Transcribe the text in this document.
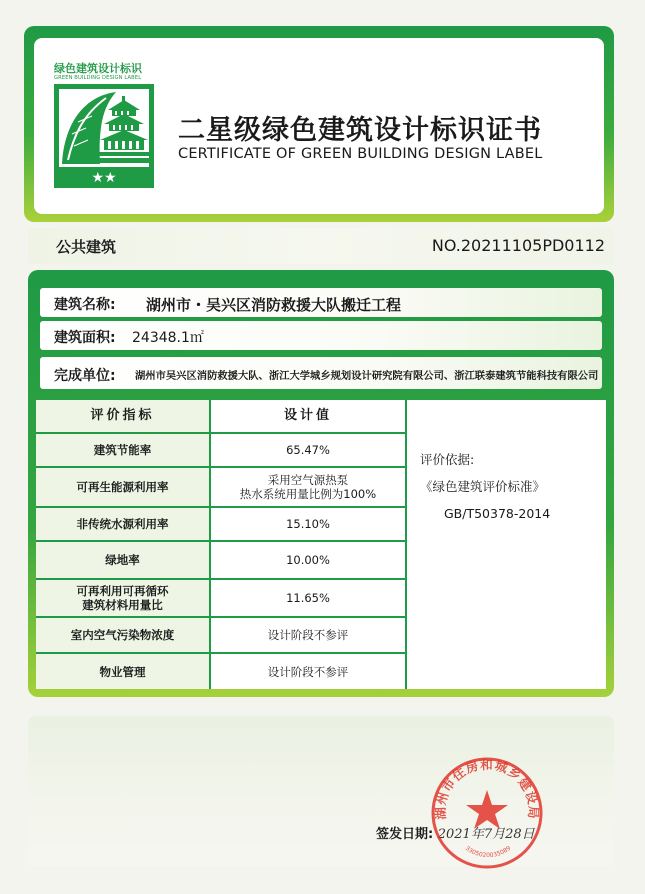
绿色建筑设计标识
GREEN BUILDING DESIGN LABEL
★★
二星级绿色建筑设计标识证书
CERTIFICATE OF GREEN BUILDING DESIGN LABEL
公共建筑	NO.20211105PD0112
建筑名称: 湖州市・吴兴区消防救援大队搬迁工程
建筑面积: 24348.1㎡
完成单位: 湖州市吴兴区消防救援大队、浙江大学城乡规划设计研究院有限公司、浙江联泰建筑节能科技有限公司
评价指标	设计值
建筑节能率	65.47%
可再生能源利用率	采用空气源热泵
热水系统用量比例为100%
非传统水源利用率	15.10%
绿地率	10.00%
可再利用可再循环
建筑材料用量比	11.65%
室内空气污染物浓度	设计阶段不参评
物业管理	设计阶段不参评
评价依据:
《绿色建筑评价标准》
GB/T50378-2014
签发日期: 2021年7月28日
湖州市住房和城乡建设局
3305020035089
